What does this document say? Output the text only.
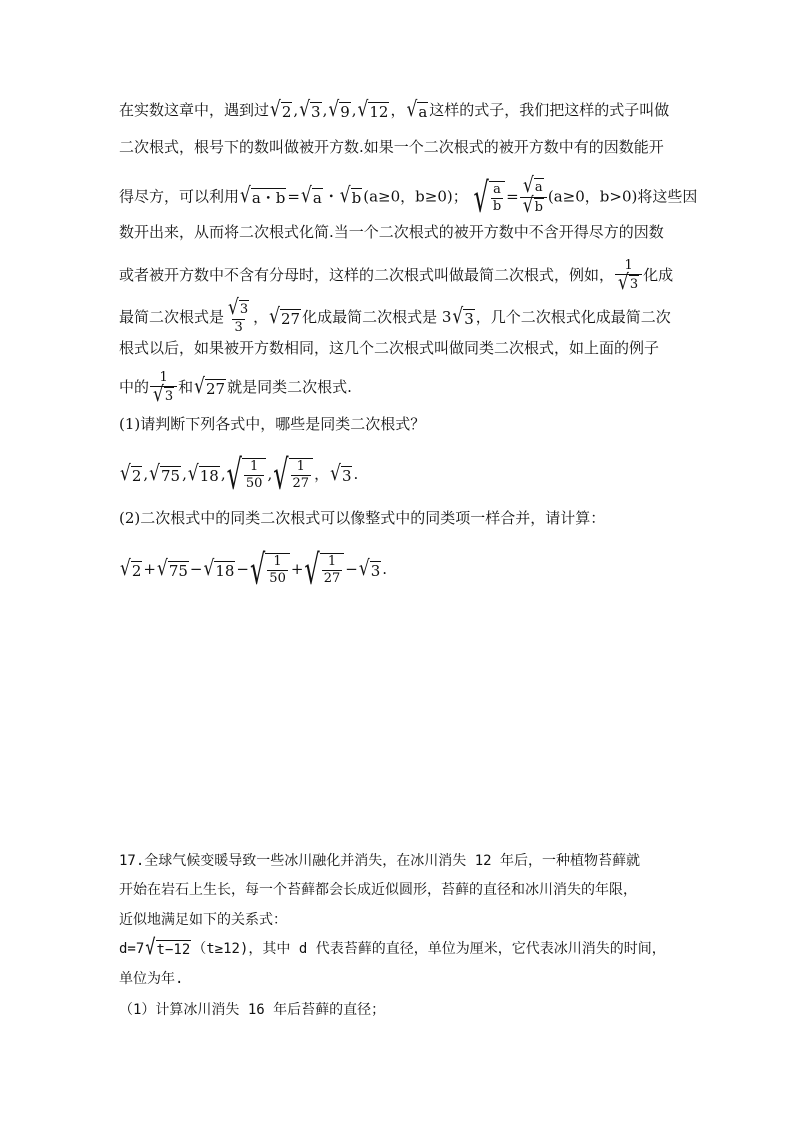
在实数这章中，遇到过 √ 2 , √ 3 , √ 9 , √ 12 ， √ a 这样的式子，我们把这样的式子叫做
二次根式，根号下的数叫做被开方数.如果一个二次根式的被开方数中有的因数能开
得尽方，可以利用 √ a・b = √ a ・ √ b (a≥0，b≥0)； √ $\frac{a}{b} = \frac{√ a}{√ b} (a\ge 0$，b>0)将这些因
数开出来，从而将二次根式化简.当一个二次根式的被开方数中不含开得尽方的因数
或者被开方数中不含有分母时，这样的二次根式叫做最简二次根式，例如， $\frac{1}{√ 3}$ 化成
最简二次根式是 $\frac{√ 3}{3}$ ， √ 27 化成最简二次根式是 3 √ 3 ，几个二次根式化成最简二次
根式以后，如果被开方数相同，这几个二次根式叫做同类二次根式，如上面的例子
中的 $\frac{1}{√ 3}$ 和 √ 27 就是同类二次根式.
(1)请判断下列各式中，哪些是同类二次根式？
√ 2 , √ 75 , √ 18 , √ $\frac{1}{50}$ , √ $\frac{1}{27}$ ， √ 3 .
(2)二次根式中的同类二次根式可以像整式中的同类项一样合并，请计算：
√ 2 + √ 75 − √ 18 − √ $\frac{1}{50}$ + √ $\frac{1}{27}$ − √ 3 .
17.全球气候变暖导致一些冰川融化并消失，在冰川消失 12 年后，一种植物苔藓就
开始在岩石上生长，每一个苔藓都会长成近似圆形，苔藓的直径和冰川消失的年限，
近似地满足如下的关系式：
d=7 √ t−12 （t≥12)，其中 d 代表苔藓的直径，单位为厘米，它代表冰川消失的时间，
单位为年.
（1）计算冰川消失 16 年后苔藓的直径；
